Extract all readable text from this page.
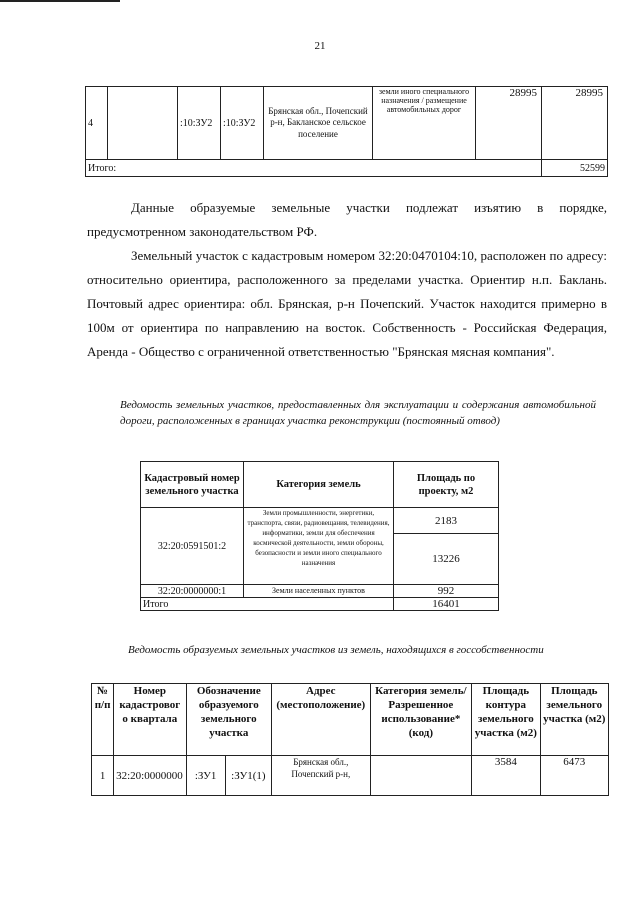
21
4		:10:ЗУ2	:10:ЗУ2	Брянская обл., Почепский р-н, Бакланское сельское поселение	земли иного специального назначения / размещение автомобильных дорог	28995	28995
Итого:							52599

Данные образуемые земельные участки подлежат изъятию в порядке, предусмотренном законодательством РФ.

Земельный участок с кадастровым номером 32:20:0470104:10, расположен по адресу: относительно ориентира, расположенного за пределами участка. Ориентир н.п. Баклань. Почтовый адрес ориентира: обл. Брянская, р-н Почепский. Участок находится примерно в 100м от ориентира по направлению на восток. Собственность - Российская Федерация, Аренда - Общество с ограниченной ответственностью "Брянская мясная компания".

Ведомость земельных участков, предоставленных для эксплуатации и содержания автомобильной дороги, расположенных в границах участка реконструкции (постоянный отвод)
Кадастровый номер земельного участка	Категория земель	Площадь по проекту, м2
32:20:0591501:2	Земли промышленности, энергетики, транспорта, связи, радиовещания, телевидения, информатики, земли для обеспечения космической деятельности, земли обороны, безопасности и земли иного специального назначения	2183
		13226
32:20:0000000:1	Земли населенных пунктов	992
Итого		16401
Ведомость образуемых земельных участков из земель, находящихся в госсобственности
№ п/п	Номер кадастровог о квартала	Обозначение образуемого земельного участка		Адрес (местоположение)	Категория земель/ Разрешенное использование* (код)	Площадь контура земельного участка (м2)	Площадь земельного участка (м2)
1	32:20:0000000	:ЗУ1	:ЗУ1(1)	Брянская обл., Почепский р-н,		3584	6473
